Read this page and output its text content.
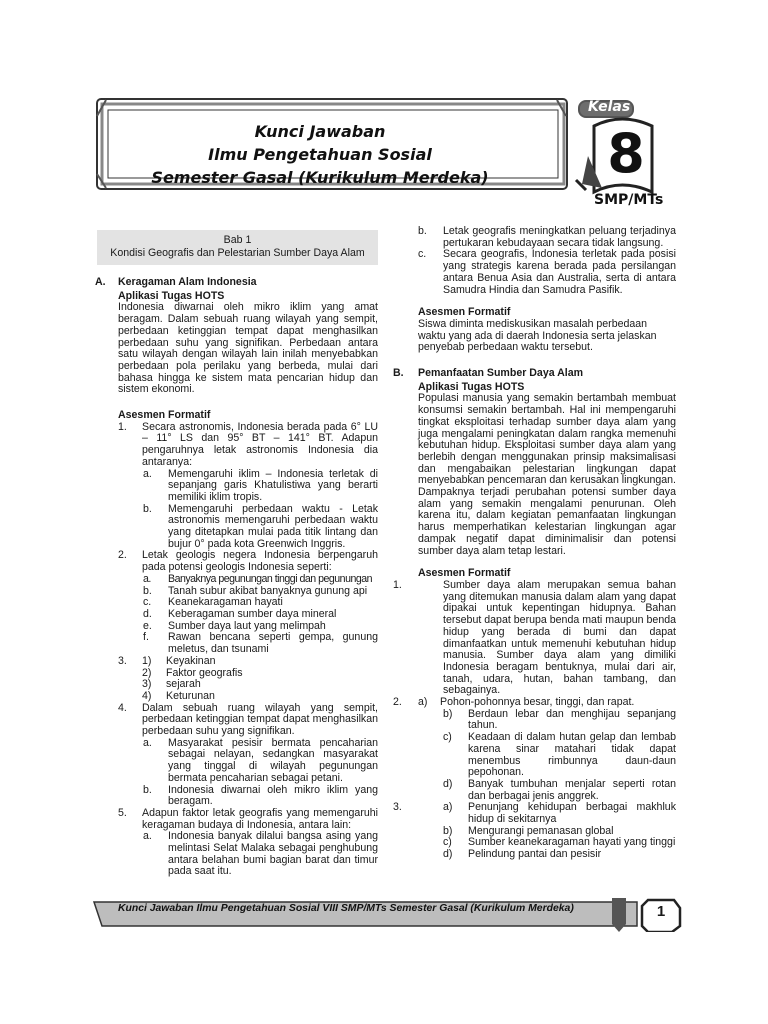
Kunci Jawaban
Ilmu Pengetahuan Sosial
Semester Gasal (Kurikulum Merdeka)
Kelas
8
SMP/MTs
Bab 1
Kondisi Geografis dan Pelestarian Sumber Daya Alam
A. Keragaman Alam Indonesia
Aplikasi Tugas HOTS
Indonesia diwarnai oleh mikro iklim yang amat beragam. Dalam sebuah ruang wilayah yang sempit, perbedaan ketinggian tempat dapat menghasilkan perbedaan suhu yang signifikan. Perbedaan antara satu wilayah dengan wilayah lain inilah menyebabkan perbedaan pola perilaku yang berbeda, mulai dari bahasa hingga ke sistem mata pencarian hidup dan sistem ekonomi.
Asesmen Formatif
1. Secara astronomis, Indonesia berada pada 6° LU – 11° LS dan 95° BT – 141° BT. Adapun pengaruhnya letak astronomis Indonesia dia antaranya:
a. Memengaruhi iklim – Indonesia terletak di sepanjang garis Khatulistiwa yang berarti memiliki iklim tropis.
b. Memengaruhi perbedaan waktu - Letak astronomis memengaruhi perbedaan waktu yang ditetapkan mulai pada titik lintang dan bujur 0° pada kota Greenwich Inggris.
2. Letak geologis negera Indonesia berpengaruh pada potensi geologis Indonesia seperti:
a. Banyaknya pegunungan tinggi dan pegunungan
b. Tanah subur akibat banyaknya gunung api
c. Keanekaragaman hayati
d. Keberagaman sumber daya mineral
e. Sumber daya laut yang melimpah
f. Rawan bencana seperti gempa, gunung meletus, dan tsunami
3. 1) Keyakinan
2) Faktor geografis
3) sejarah
4) Keturunan
4. Dalam sebuah ruang wilayah yang sempit, perbedaan ketinggian tempat dapat menghasilkan perbedaan suhu yang signifikan.
a. Masyarakat pesisir bermata pencaharian sebagai nelayan, sedangkan masyarakat yang tinggal di wilayah pegunungan bermata pencaharian sebagai petani.
b. Indonesia diwarnai oleh mikro iklim yang beragam.
5. Adapun faktor letak geografis yang memengaruhi keragaman budaya di Indonesia, antara lain:
a. Indonesia banyak dilalui bangsa asing yang melintasi Selat Malaka sebagai penghubung antara belahan bumi bagian barat dan timur pada saat itu.
b. Letak geografis meningkatkan peluang terjadinya pertukaran kebudayaan secara tidak langsung.
c. Secara geografis, Indonesia terletak pada posisi yang strategis karena berada pada persilangan antara Benua Asia dan Australia, serta di antara Samudra Hindia dan Samudra Pasifik.
Asesmen Formatif
Siswa diminta mediskusikan masalah perbedaan waktu yang ada di daerah Indonesia serta jelaskan penyebab perbedaan waktu tersebut.
B. Pemanfaatan Sumber Daya Alam
Aplikasi Tugas HOTS
Populasi manusia yang semakin bertambah membuat konsumsi semakin bertambah. Hal ini mempengaruhi tingkat eksploitasi terhadap sumber daya alam yang juga mengalami peningkatan dalam rangka memenuhi kebutuhan hidup. Eksploitasi sumber daya alam yang berlebih dengan menggunakan prinsip maksimalisasi dan mengabaikan pelestarian lingkungan dapat menyebabkan pencemaran dan kerusakan lingkungan. Dampaknya terjadi perubahan potensi sumber daya alam yang semakin mengalami penurunan. Oleh karena itu, dalam kegiatan pemanfaatan lingkungan harus memperhatikan kelestarian lingkungan agar dampak negatif dapat diminimalisir dan potensi sumber daya alam tetap lestari.
Asesmen Formatif
1.	Sumber daya alam merupakan semua bahan yang ditemukan manusia dalam alam yang dapat dipakai untuk kepentingan hidupnya. Bahan tersebut dapat berupa benda mati maupun benda hidup yang berada di bumi dan dapat dimanfaatkan untuk memenuhi kebutuhan hidup manusia. Sumber daya alam yang dimiliki Indonesia beragam bentuknya, mulai dari air, tanah, udara, hutan, bahan tambang, dan sebagainya.
2. a) Pohon-pohonnya besar, tinggi, dan rapat.
b) Berdaun lebar dan menghijau sepanjang tahun.
c) Keadaan di dalam hutan gelap dan lembab karena sinar matahari tidak dapat menembus rimbunnya daun-daun pepohonan.
d) Banyak tumbuhan menjalar seperti rotan dan berbagai jenis anggrek.
3.	a) Penunjang kehidupan berbagai makhluk hidup di sekitarnya
b) Mengurangi pemanasan global
c) Sumber keanekaragaman hayati yang tinggi
d) Pelindung pantai dan pesisir
Kunci Jawaban Ilmu Pengetahuan Sosial VIII SMP/MTs Semester Gasal (Kurikulum Merdeka)	1
